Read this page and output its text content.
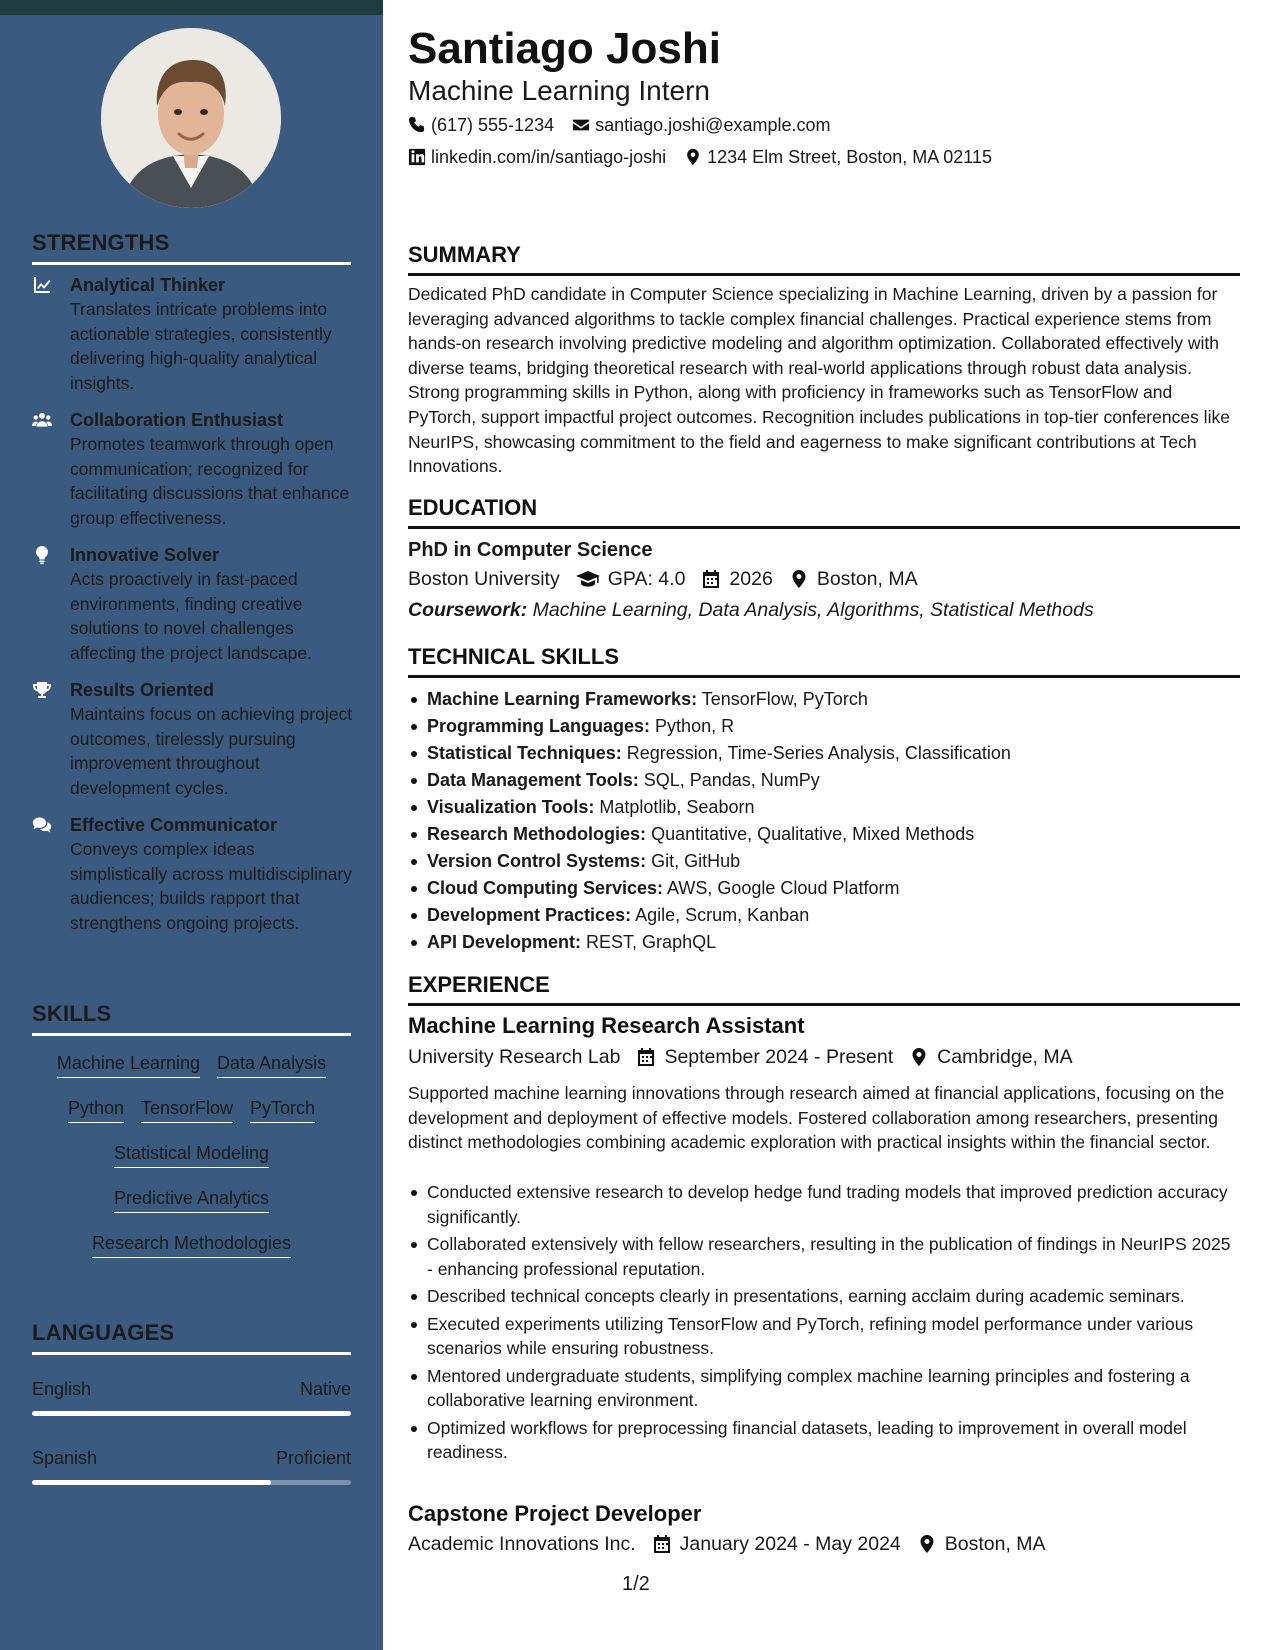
STRENGTHS
Analytical Thinker
Translates intricate problems into actionable strategies, consistently delivering high-quality analytical insights.
Collaboration Enthusiast
Promotes teamwork through open communication; recognized for facilitating discussions that enhance group effectiveness.
Innovative Solver
Acts proactively in fast-paced environments, finding creative solutions to novel challenges affecting the project landscape.
Results Oriented
Maintains focus on achieving project outcomes, tirelessly pursuing improvement throughout development cycles.
Effective Communicator
Conveys complex ideas simplistically across multidisciplinary audiences; builds rapport that strengthens ongoing projects.
SKILLS
Machine Learning Data Analysis
Python TensorFlow PyTorch
Statistical Modeling
Predictive Analytics
Research Methodologies
LANGUAGES
English	Native
Spanish	Proficient
Santiago Joshi
Machine Learning Intern
(617) 555-1234 santiago.joshi@example.com
linkedin.com/in/santiago-joshi 1234 Elm Street, Boston, MA 02115
SUMMARY
Dedicated PhD candidate in Computer Science specializing in Machine Learning, driven by a passion for leveraging advanced algorithms to tackle complex financial challenges. Practical experience stems from hands-on research involving predictive modeling and algorithm optimization. Collaborated effectively with diverse teams, bridging theoretical research with real-world applications through robust data analysis. Strong programming skills in Python, along with proficiency in frameworks such as TensorFlow and PyTorch, support impactful project outcomes. Recognition includes publications in top-tier conferences like NeurIPS, showcasing commitment to the field and eagerness to make significant contributions at Tech Innovations.
EDUCATION
PhD in Computer Science
Boston University GPA: 4.0 2026 Boston, MA
Coursework: Machine Learning, Data Analysis, Algorithms, Statistical Methods
TECHNICAL SKILLS
Machine Learning Frameworks: TensorFlow, PyTorch
Programming Languages: Python, R
Statistical Techniques: Regression, Time-Series Analysis, Classification
Data Management Tools: SQL, Pandas, NumPy
Visualization Tools: Matplotlib, Seaborn
Research Methodologies: Quantitative, Qualitative, Mixed Methods
Version Control Systems: Git, GitHub
Cloud Computing Services: AWS, Google Cloud Platform
Development Practices: Agile, Scrum, Kanban
API Development: REST, GraphQL
EXPERIENCE
Machine Learning Research Assistant
University Research Lab September 2024 - Present Cambridge, MA
Supported machine learning innovations through research aimed at financial applications, focusing on the development and deployment of effective models. Fostered collaboration among researchers, presenting distinct methodologies combining academic exploration with practical insights within the financial sector.
Conducted extensive research to develop hedge fund trading models that improved prediction accuracy significantly.
Collaborated extensively with fellow researchers, resulting in the publication of findings in NeurIPS 2025 - enhancing professional reputation.
Described technical concepts clearly in presentations, earning acclaim during academic seminars.
Executed experiments utilizing TensorFlow and PyTorch, refining model performance under various scenarios while ensuring robustness.
Mentored undergraduate students, simplifying complex machine learning principles and fostering a collaborative learning environment.
Optimized workflows for preprocessing financial datasets, leading to improvement in overall model readiness.
Capstone Project Developer
Academic Innovations Inc. January 2024 - May 2024 Boston, MA
1/2
